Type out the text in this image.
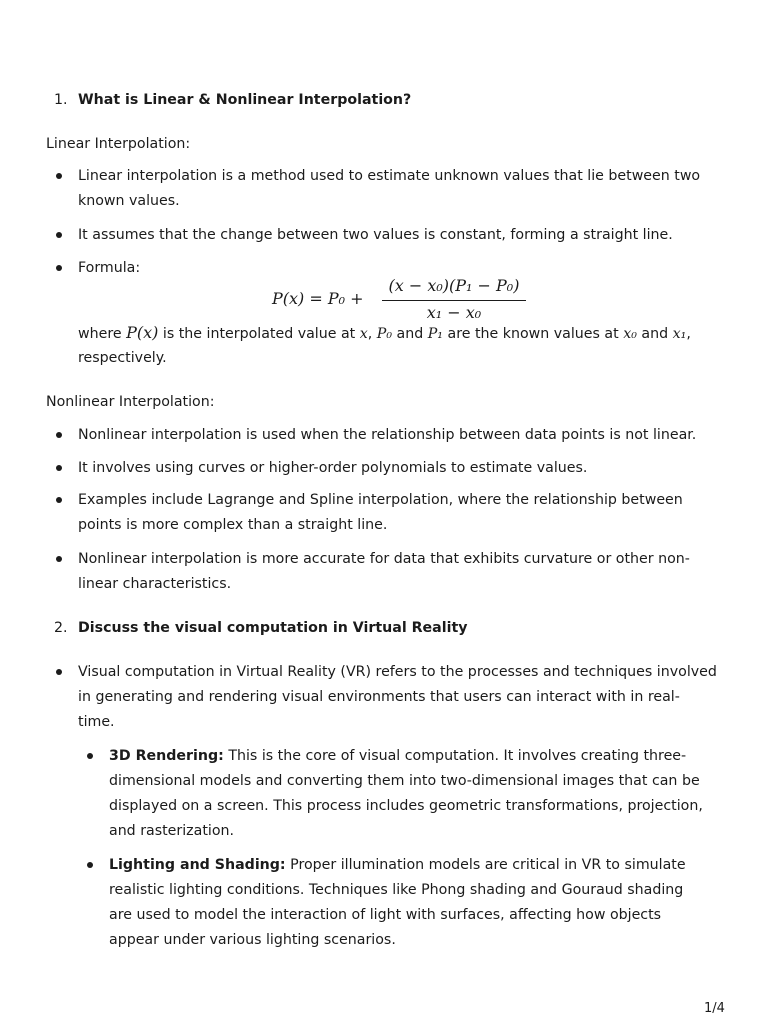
1. What is Linear & Nonlinear Interpolation?
Linear Interpolation:
Linear interpolation is a method used to estimate unknown values that lie between two
known values.
It assumes that the change between two values is constant, forming a straight line.
Formula:
P(x) = P₀ +
(x − x₀)(P₁ − P₀)
x₁ − x₀
where P(x) is the interpolated value at x, P₀ and P₁ are the known values at x₀ and x₁,
respectively.
Nonlinear Interpolation:
Nonlinear interpolation is used when the relationship between data points is not linear.
It involves using curves or higher-order polynomials to estimate values.
Examples include Lagrange and Spline interpolation, where the relationship between
points is more complex than a straight line.
Nonlinear interpolation is more accurate for data that exhibits curvature or other non-
linear characteristics.
2. Discuss the visual computation in Virtual Reality
Visual computation in Virtual Reality (VR) refers to the processes and techniques involved
in generating and rendering visual environments that users can interact with in real-
time.
3D Rendering: This is the core of visual computation. It involves creating three-
dimensional models and converting them into two-dimensional images that can be
displayed on a screen. This process includes geometric transformations, projection,
and rasterization.
Lighting and Shading: Proper illumination models are critical in VR to simulate
realistic lighting conditions. Techniques like Phong shading and Gouraud shading
are used to model the interaction of light with surfaces, affecting how objects
appear under various lighting scenarios.
1/4
